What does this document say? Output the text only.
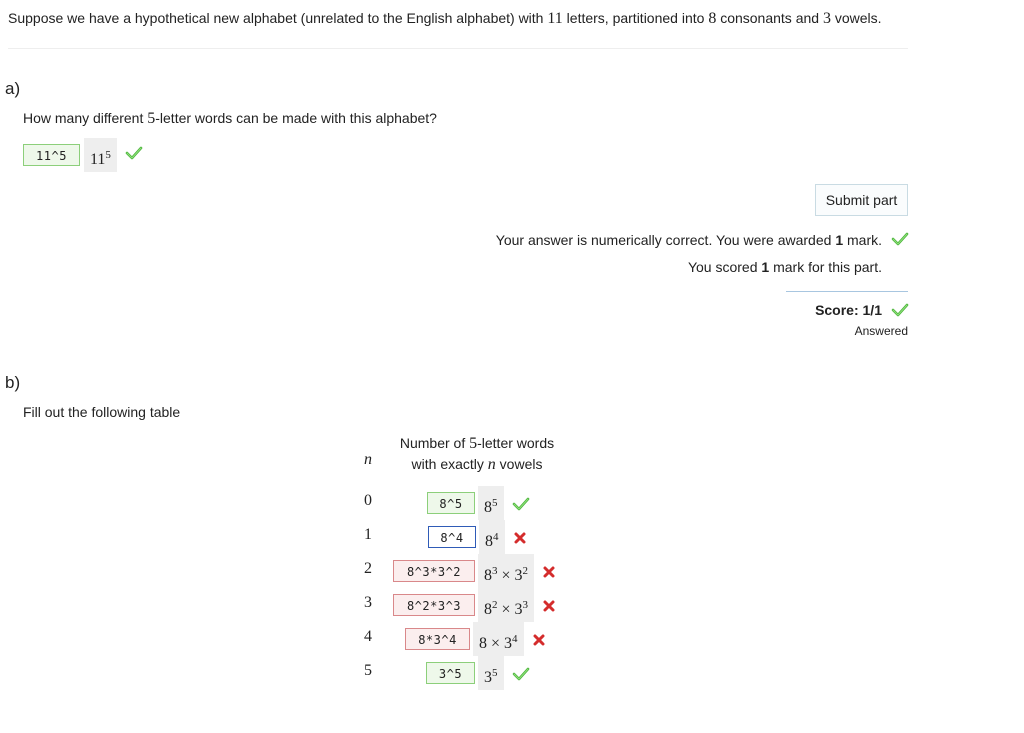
Suppose we have a hypothetical new alphabet (unrelated to the English alphabet) with 11 letters, partitioned into 8 consonants and 3 vowels.
a)
How many different 5-letter words can be made with this alphabet?
11^5	$11^5$
Submit part
Your answer is numerically correct. You were awarded 1 mark.
You scored 1 mark for this part.
Score: 1/1
Answered
b)
Fill out the following table
n
Number of 5-letter words
with exactly n vowels
0	8^5	$8^5$
1	8^4	$8^4$
2	8^3*3^2	$8^3 \times 3^2$
3	8^2*3^3	$8^2 \times 3^3$
4	8*3^4	$8 \times 3^4$
5	3^5	$3^5$
